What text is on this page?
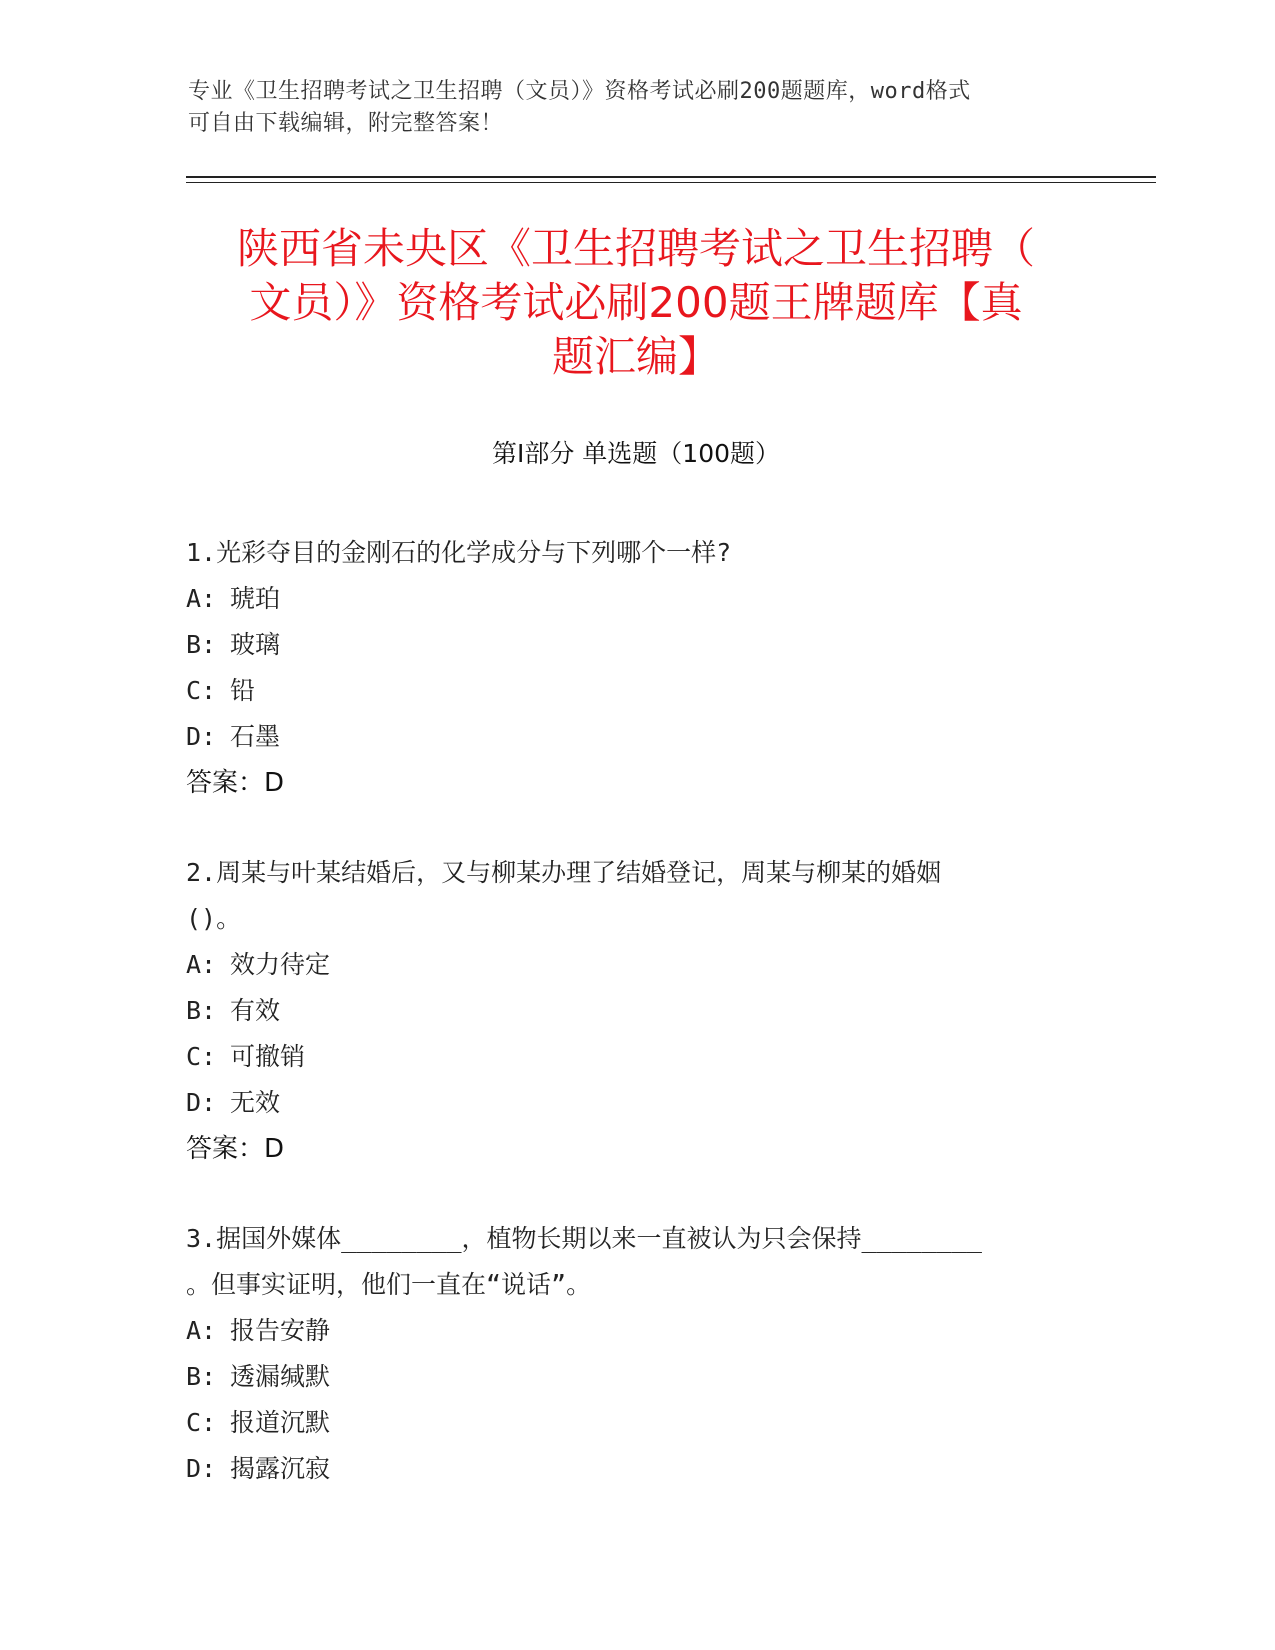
专业《卫生招聘考试之卫生招聘（文员）》资格考试必刷200题题库，word格式
可自由下载编辑，附完整答案！
陕西省未央区《卫生招聘考试之卫生招聘（
文员）》资格考试必刷200题王牌题库【真
题汇编】
第I部分 单选题（100题）
1.光彩夺目的金刚石的化学成分与下列哪个一样?
A: 琥珀
B: 玻璃
C: 铅
D: 石墨
答案：D
2.周某与叶某结婚后，又与柳某办理了结婚登记，周某与柳某的婚姻
()。
A: 效力待定
B: 有效
C: 可撤销
D: 无效
答案：D
3.据国外媒体________，植物长期以来一直被认为只会保持________
。但事实证明，他们一直在“说话”。
A: 报告安静
B: 透漏缄默
C: 报道沉默
D: 揭露沉寂
